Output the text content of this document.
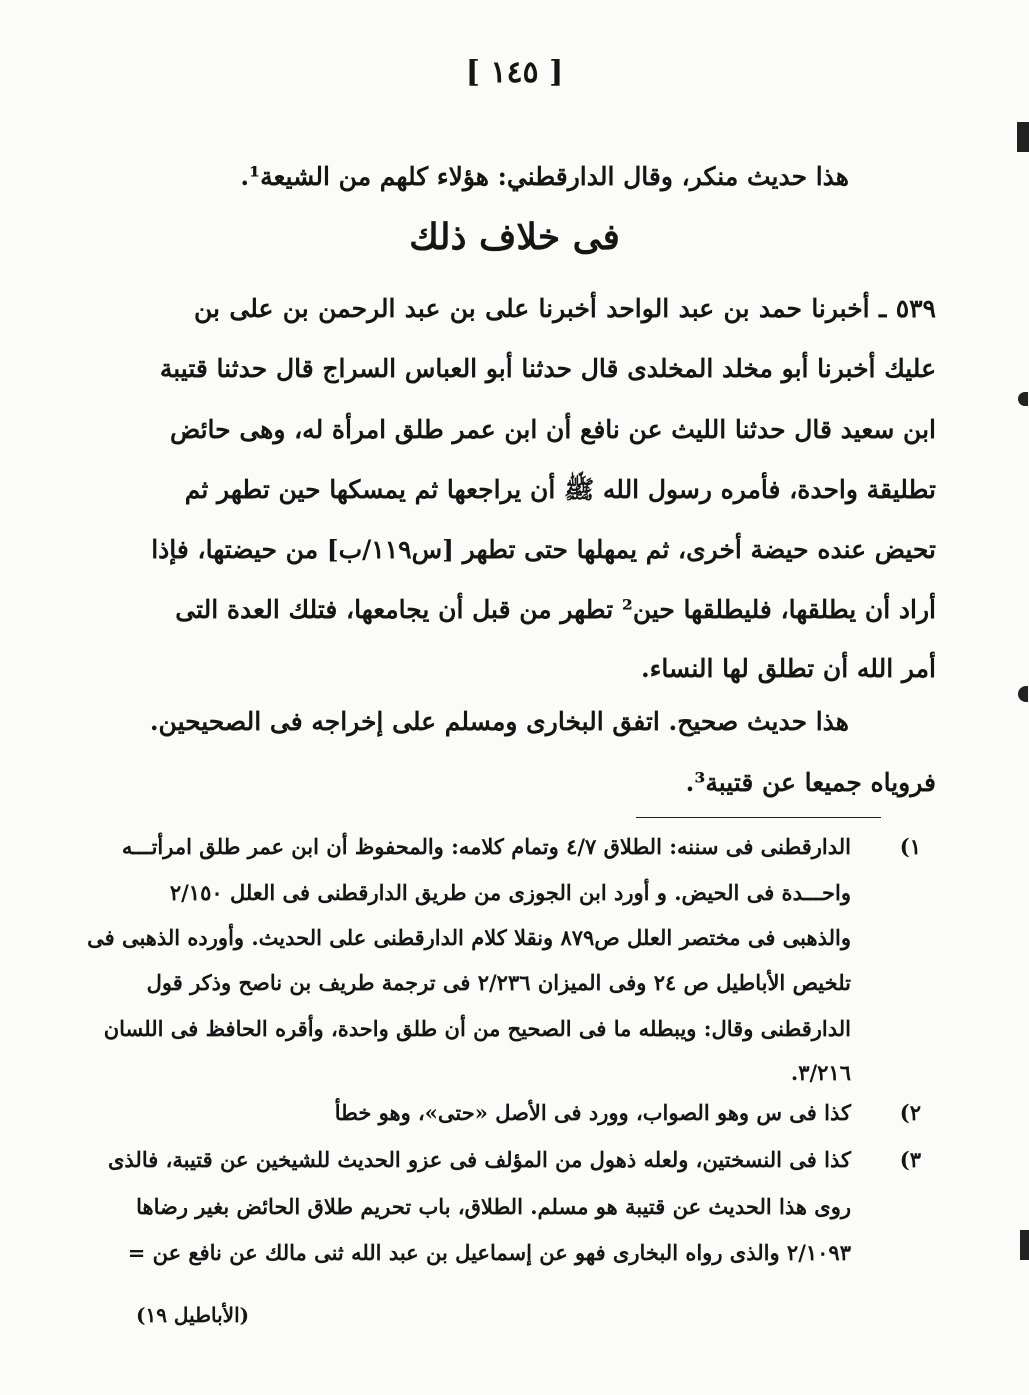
[ ١٤٥ ]
هذا حديث منكر، وقال الدارقطني: هؤلاء كلهم من الشيعة¹.
فى خلاف ذلك
٥٣٩ ـ أخبرنا حمد بن عبد الواحد أخبرنا على بن عبد الرحمن بن على بن
عليك أخبرنا أبو مخلد المخلدى قال حدثنا أبو العباس السراج قال حدثنا قتيبة
ابن سعيد قال حدثنا الليث عن نافع أن ابن عمر طلق امرأة له، وهى حائض
تطليقة واحدة، فأمره رسول الله ﷺ أن يراجعها ثم يمسكها حين تطهر ثم
تحيض عنده حيضة أخرى، ثم يمهلها حتى تطهر [س١١٩/ب] من حيضتها، فإذا
أراد أن يطلقها، فليطلقها حين² تطهر من قبل أن يجامعها، فتلك العدة التى
أمر الله أن تطلق لها النساء.
هذا حديث صحيح. اتفق البخارى ومسلم على إخراجه فى الصحيحين.
فروياه جميعا عن قتيبة³.
١)
الدارقطنى فى سننه: الطلاق ٤/٧ وتمام كلامه: والمحفوظ أن ابن عمر طلق امرأتـــه
واحـــدة فى الحيض. و أورد ابن الجوزى من طريق الدارقطنى فى العلل ٢/١٥٠
والذهبى فى مختصر العلل ص٨٧٩ ونقلا كلام الدارقطنى على الحديث. وأورده الذهبى فى
تلخيص الأباطيل ص ٢٤ وفى الميزان ٢/٢٣٦ فى ترجمة طريف بن ناصح وذكر قول
الدارقطنى وقال: ويبطله ما فى الصحيح من أن طلق واحدة، وأقره الحافظ فى اللسان
٣/٢١٦.
٢)
كذا فى س وهو الصواب، وورد فى الأصل «حتى»، وهو خطأ
٣)
كذا فى النسختين، ولعله ذهول من المؤلف فى عزو الحديث للشيخين عن قتيبة، فالذى
روى هذا الحديث عن قتيبة هو مسلم. الطلاق، باب تحريم طلاق الحائض بغير رضاها
٢/١٠٩٣ والذى رواه البخارى فهو عن إسماعيل بن عبد الله ثنى مالك عن نافع عن =
(الأباطيل ١٩)
